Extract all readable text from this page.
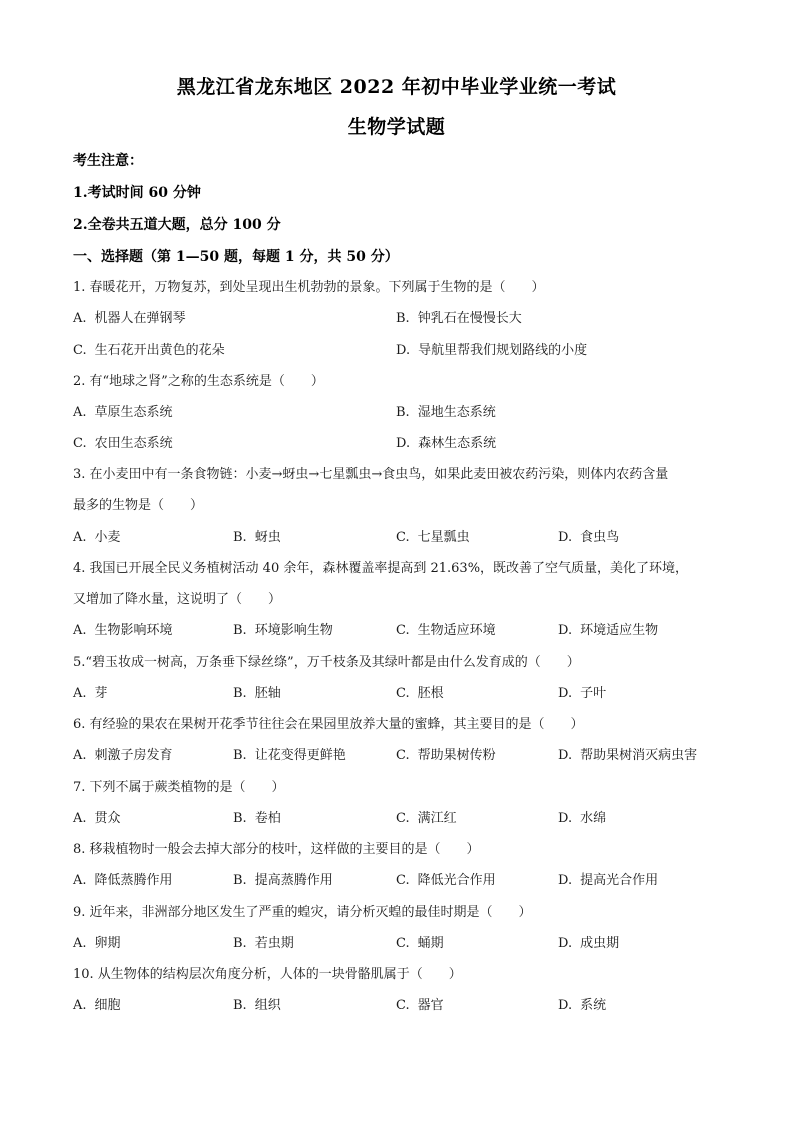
黑龙江省龙东地区 2022 年初中毕业学业统一考试
生物学试题
考生注意：
1.考试时间 60 分钟
2.全卷共五道大题，总分 100 分
一、选择题（第 1—50 题，每题 1 分，共 50 分）
1. 春暖花开，万物复苏，到处呈现出生机勃勃的景象。下列属于生物的是（　　）
A. 机器人在弹钢琴	B. 钟乳石在慢慢长大
C. 生石花开出黄色的花朵	D. 导航里帮我们规划路线的小度
2. 有“地球之肾”之称的生态系统是（　　）
A. 草原生态系统	B. 湿地生态系统
C. 农田生态系统	D. 森林生态系统
3. 在小麦田中有一条食物链：小麦→蚜虫→七星瓢虫→食虫鸟，如果此麦田被农药污染，则体内农药含量
最多的生物是（　　）
A. 小麦	B. 蚜虫	C. 七星瓢虫	D. 食虫鸟
4. 我国已开展全民义务植树活动 40 余年，森林覆盖率提高到 21.63%，既改善了空气质量，美化了环境，
又增加了降水量，这说明了（　　）
A. 生物影响环境	B. 环境影响生物	C. 生物适应环境	D. 环境适应生物
5.“碧玉妆成一树高，万条垂下绿丝绦”，万千枝条及其绿叶都是由什么发育成的（　　）
A. 芽	B. 胚轴	C. 胚根	D. 子叶
6. 有经验的果农在果树开花季节往往会在果园里放养大量的蜜蜂，其主要目的是（　　）
A. 刺激子房发育	B. 让花变得更鲜艳	C. 帮助果树传粉	D. 帮助果树消灭病虫害
7. 下列不属于蕨类植物的是（　　）
A. 贯众	B. 卷柏	C. 满江红	D. 水绵
8. 移栽植物时一般会去掉大部分的枝叶，这样做的主要目的是（　　）
A. 降低蒸腾作用	B. 提高蒸腾作用	C. 降低光合作用	D. 提高光合作用
9. 近年来，非洲部分地区发生了严重的蝗灾，请分析灭蝗的最佳时期是（　　）
A. 卵期	B. 若虫期	C. 蛹期	D. 成虫期
10. 从生物体的结构层次角度分析，人体的一块骨骼肌属于（　　）
A. 细胞	B. 组织	C. 器官	D. 系统
